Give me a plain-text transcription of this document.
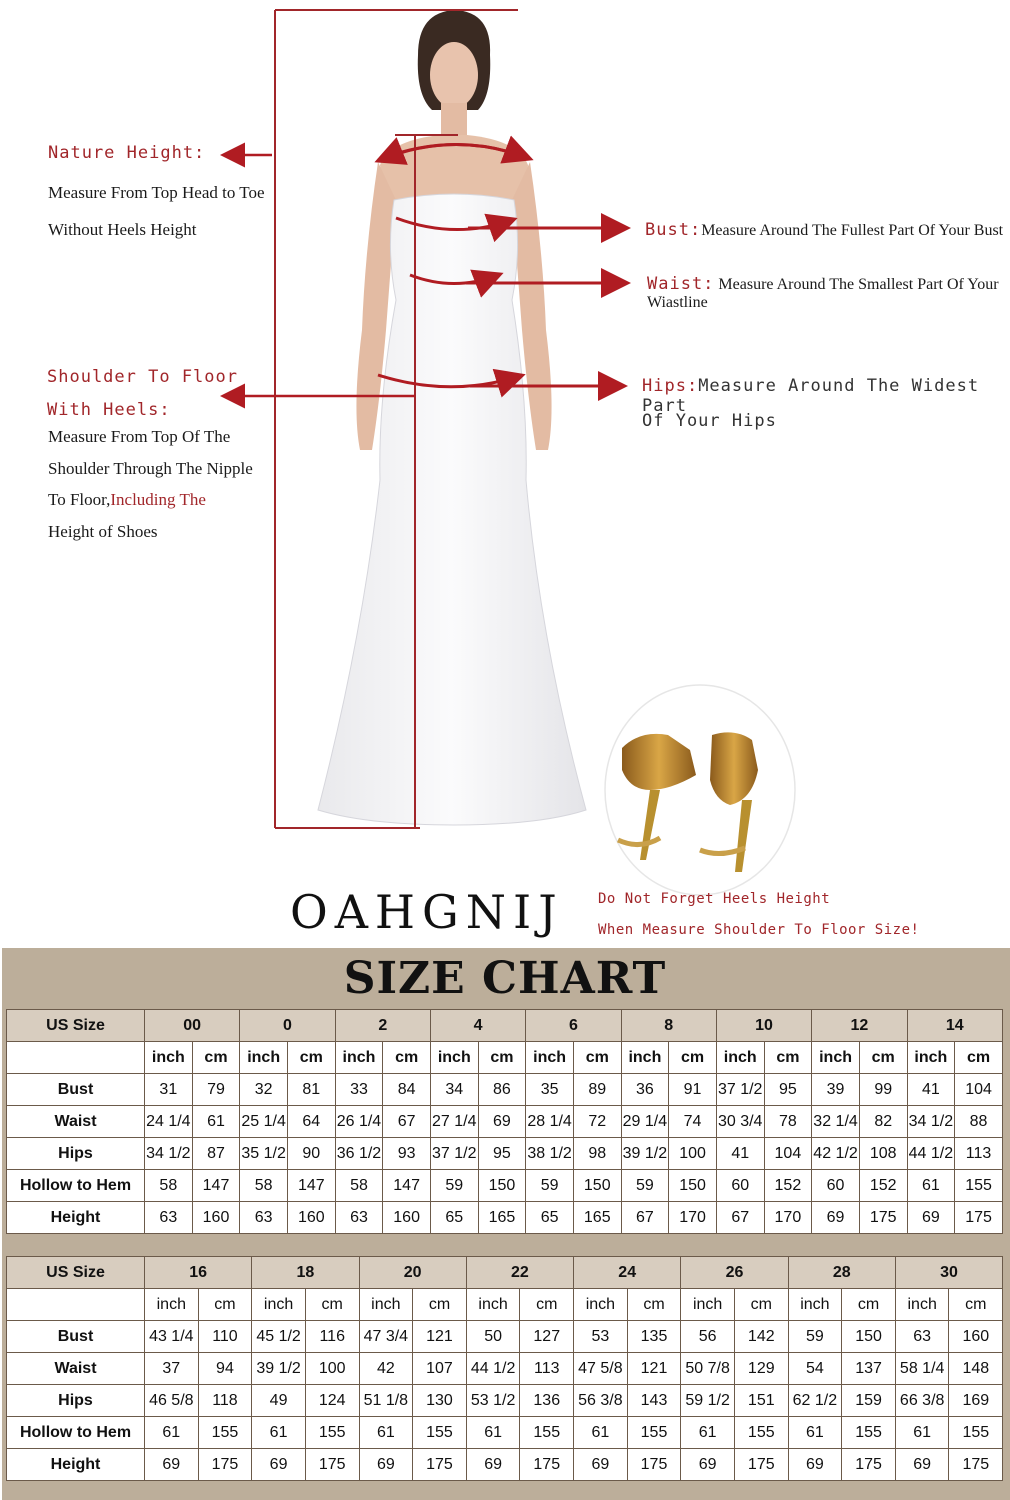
Nature Height:
Measure From Top Head to Toe
Without Heels Height
Shoulder To Floor
With Heels:
Measure From Top Of The
Shoulder Through The Nipple
To Floor,Including The
Height of Shoes
Bust:Measure Around The Fullest Part Of Your Bust
Waist: Measure Around The Smallest Part Of Your Wiastline
Hips:Measure Around The Widest Part
Of Your Hips
OAHGNIJ Do Not Forget Heels Height
When Measure Shoulder To Floor Size!
SIZE CHART
US Size	00		0		2		4		6		8		10		12		14	
	inch	cm	inch	cm	inch	cm	inch	cm	inch	cm	inch	cm	inch	cm	inch	cm	inch	cm
Bust	31	79	32	81	33	84	34	86	35	89	36	91	37 1/2	95	39	99	41	104
Waist	24 1/4	61	25 1/4	64	26 1/4	67	27 1/4	69	28 1/4	72	29 1/4	74	30 3/4	78	32 1/4	82	34 1/2	88
Hips	34 1/2	87	35 1/2	90	36 1/2	93	37 1/2	95	38 1/2	98	39 1/2	100	41	104	42 1/2	108	44 1/2	113
Hollow to Hem	58	147	58	147	58	147	59	150	59	150	59	150	60	152	60	152	61	155
Height	63	160	63	160	63	160	65	165	65	165	67	170	67	170	69	175	69	175
US Size	16		18		20		22		24		26		28		30	
	inch	cm	inch	cm	inch	cm	inch	cm	inch	cm	inch	cm	inch	cm	inch	cm
Bust	43 1/4	110	45 1/2	116	47 3/4	121	50	127	53	135	56	142	59	150	63	160
Waist	37	94	39 1/2	100	42	107	44 1/2	113	47 5/8	121	50 7/8	129	54	137	58 1/4	148
Hips	46 5/8	118	49	124	51 1/8	130	53 1/2	136	56 3/8	143	59 1/2	151	62 1/2	159	66 3/8	169
Hollow to Hem	61	155	61	155	61	155	61	155	61	155	61	155	61	155	61	155
Height	69	175	69	175	69	175	69	175	69	175	69	175	69	175	69	175
